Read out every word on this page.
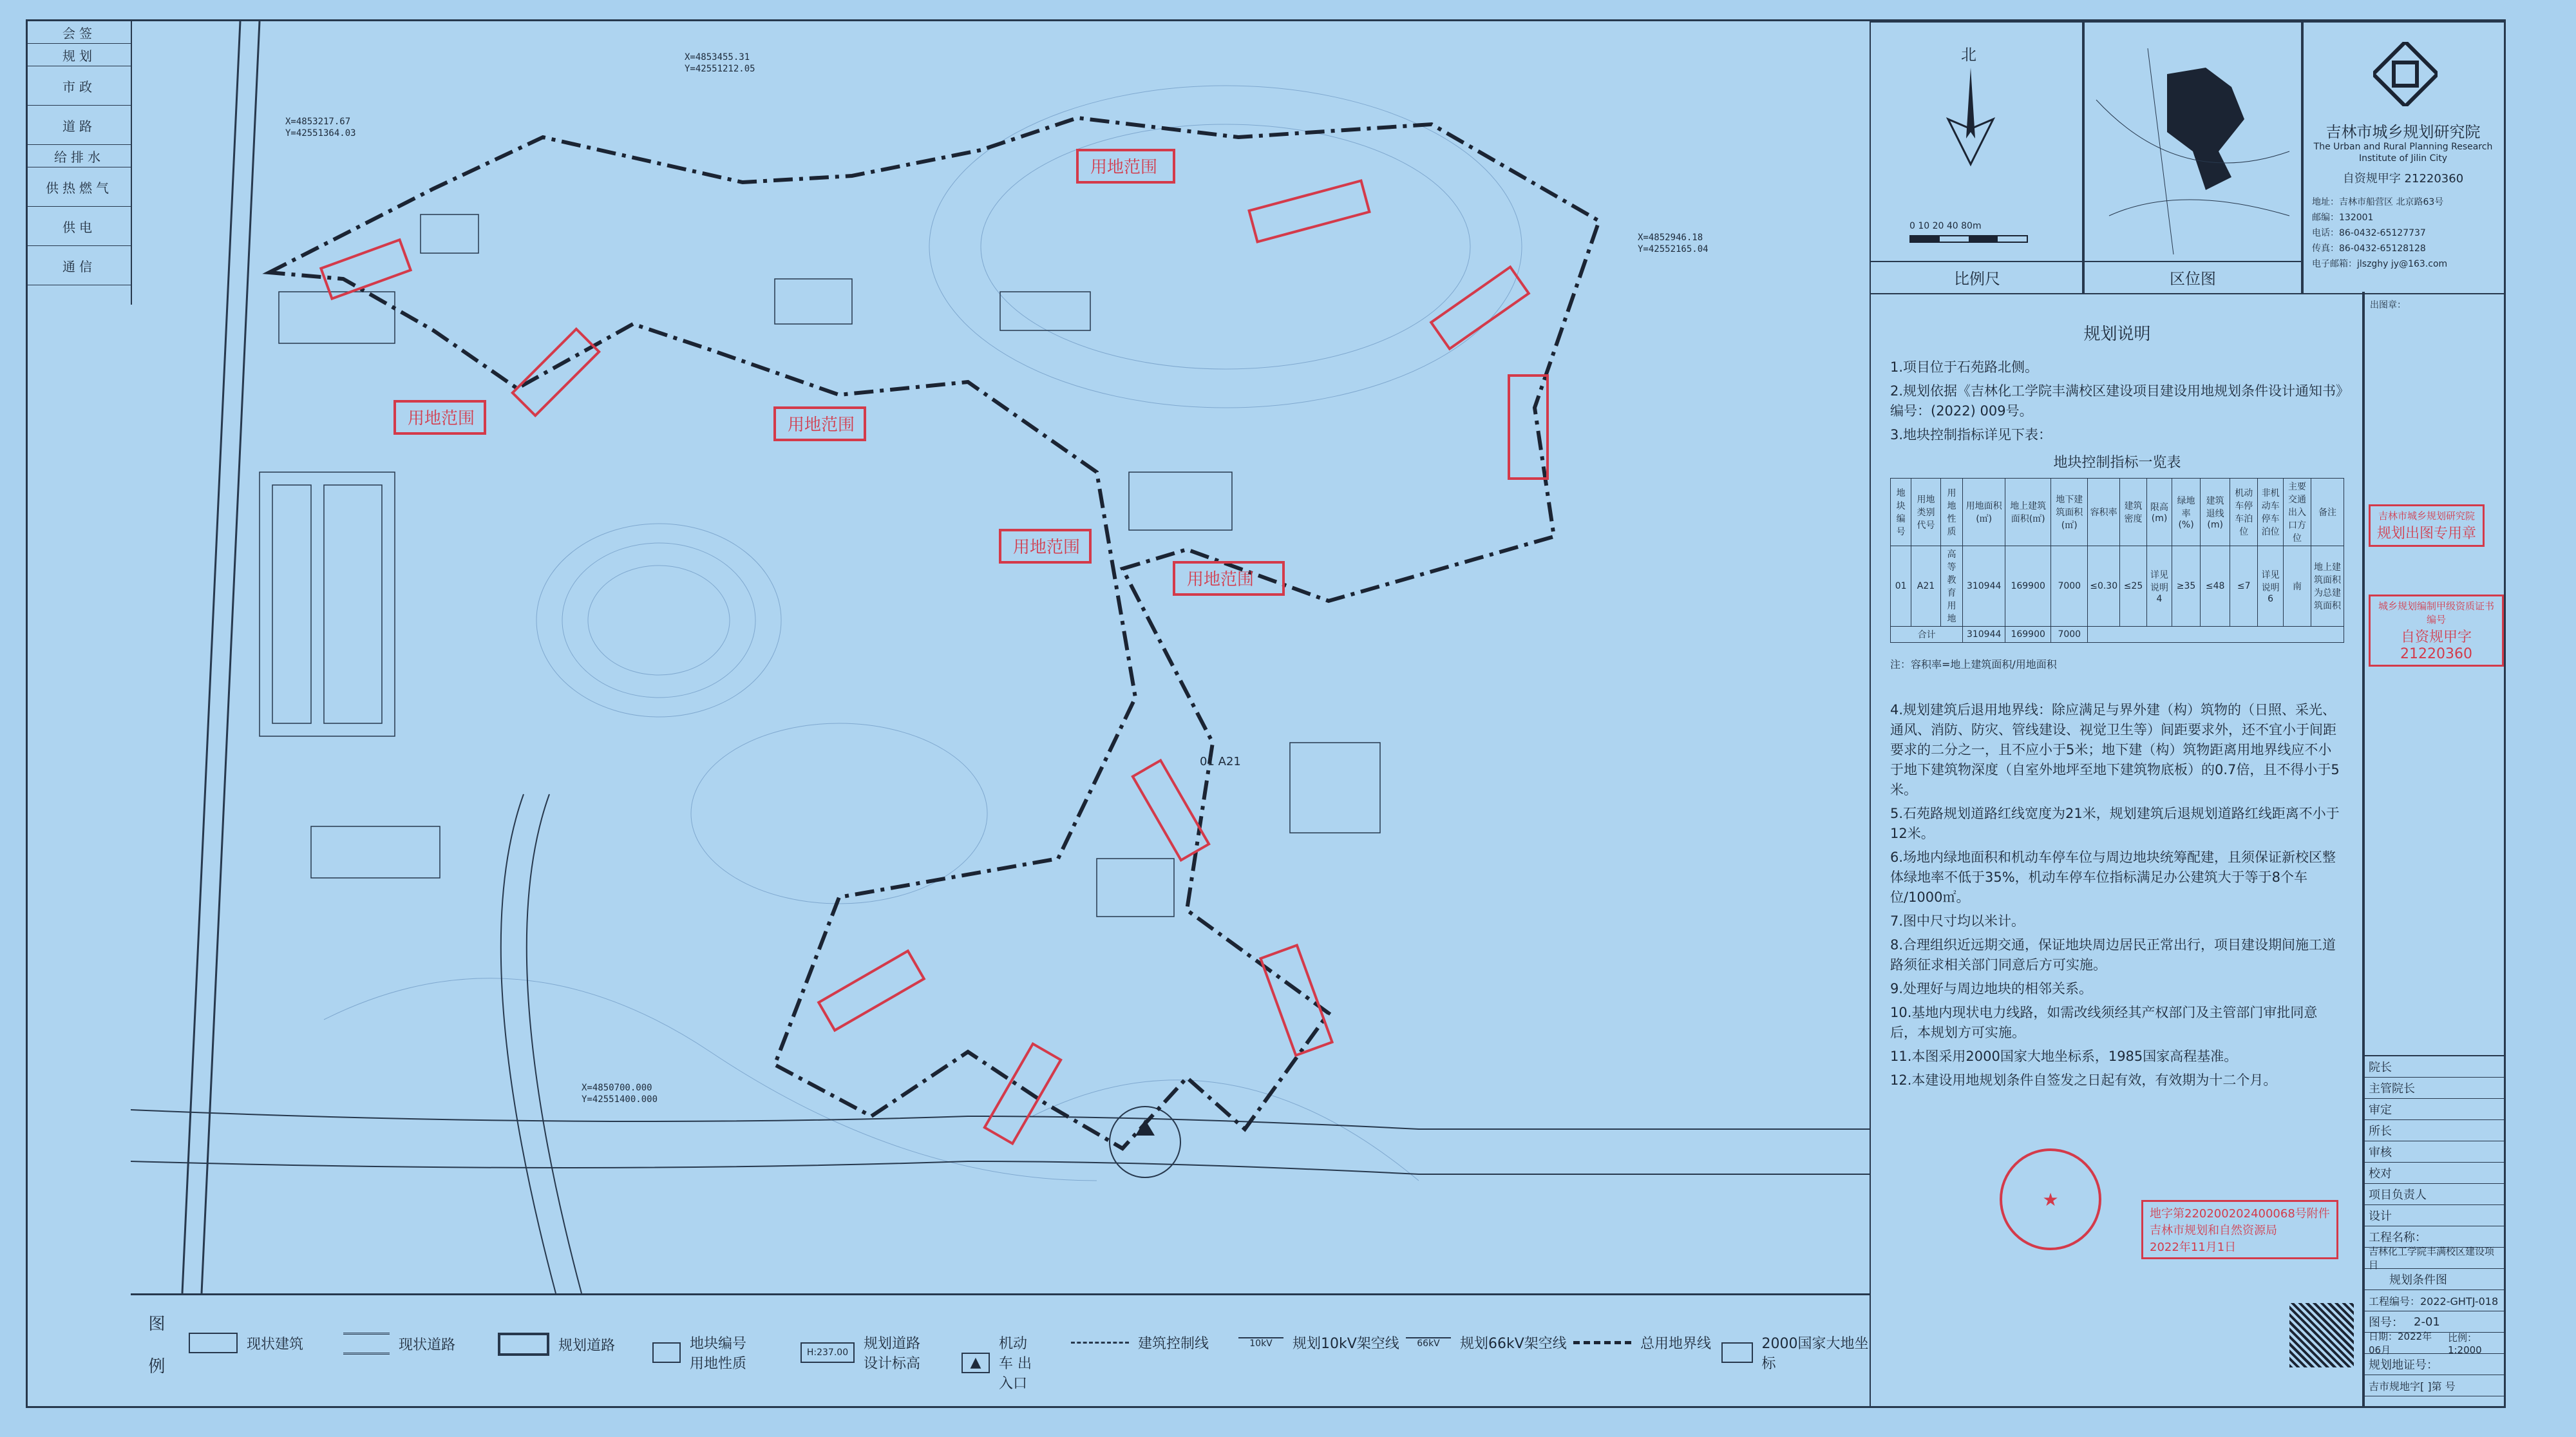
会签
规划
市政
道路
给排水
供热燃气
供电
通信
用地范围	用地范围
用地范围
用地范围
用地范围
X=4853455.31
Y=42551212.05
X=4853217.67
Y=42551364.03
X=4852946.18
Y=42552165.04
X=4850700.000
Y=42551400.000
01 A21
图例	现状建筑	现状道路	规划道路	地块编号 用地性质
H:237.00
规划道路 设计标高	▲
机动车 出入口
建筑控制线	10kV	规划10kV架空线	66kV	规划66kV架空线	总用地界线	2000国家大地坐标
北
0 10 20 40 80m
比例尺	区位图
吉林市城乡规划研究院
The Urban and Rural Planning Research
Institute of Jilin City
自资规甲字 21220360
地址：吉林市船营区 北京路63号
邮编：132001
电话：86-0432-65127737
传真：86-0432-65128128
电子邮箱：jlszghy jy@163.com
规划说明

1.项目位于石苑路北侧。

2.规划依据《吉林化工学院丰满校区建设项目建设用地规划条件设计通知书》编号：(2022) 009号。

3.地块控制指标详见下表：

地块控制指标一览表
地块编号	用地类别代号	用地性质	用地面积(㎡)	地上建筑面积(㎡)	地下建筑面积(㎡)	容积率	建筑密度	限高(m)	绿地率(%)	建筑退线(m)	机动车停车泊位	非机动车停车泊位	主要交通出入口方位	备注
01	A21	高等教育用地	310944	169900	7000	≤0.30	≤25	详见说明4	≥35	≤48	≤7	详见说明6	南	地上建筑面积为总建筑面积
合计			310944	169900	7000									

注：容积率=地上建筑面积/用地面积

4.规划建筑后退用地界线：除应满足与界外建（构）筑物的（日照、采光、通风、消防、防灾、管线建设、视觉卫生等）间距要求外，还不宜小于间距要求的二分之一，且不应小于5米；地下建（构）筑物距离用地界线应不小于地下建筑物深度（自室外地坪至地下建筑物底板）的0.7倍，且不得小于5米。

5.石苑路规划道路红线宽度为21米，规划建筑后退规划道路红线距离不小于12米。

6.场地内绿地面积和机动车停车位与周边地块统筹配建，且须保证新校区整体绿地率不低于35%，机动车停车位指标满足办公建筑大于等于8个车位/1000㎡。

7.图中尺寸均以米计。

8.合理组织近远期交通，保证地块周边居民正常出行，项目建设期间施工道路须征求相关部门同意后方可实施。

9.处理好与周边地块的相邻关系。

10.基地内现状电力线路，如需改线须经其产权部门及主管部门审批同意后，本规划方可实施。

11.本图采用2000国家大地坐标系，1985国家高程基准。

12.本建设用地规划条件自签发之日起有效，有效期为十二个月。

★
地字第220200202400068号附件
吉林市规划和自然资源局
2022年11月1日
出图章：
吉林市城乡规划研究院
规划出图专用章
城乡规划编制甲级资质证书编号
自资规甲字 21220360
院长
主管院长
审定
所长
审核
校对
项目负责人
设计
工程名称：
吉林化工学院丰满校区建设项目
规划条件图
工程编号：2022-GHTJ-018
图号： 2-01
日期：2022年06月
比例：1:2000
规划地证号：
吉市规地字[ ]第 号
